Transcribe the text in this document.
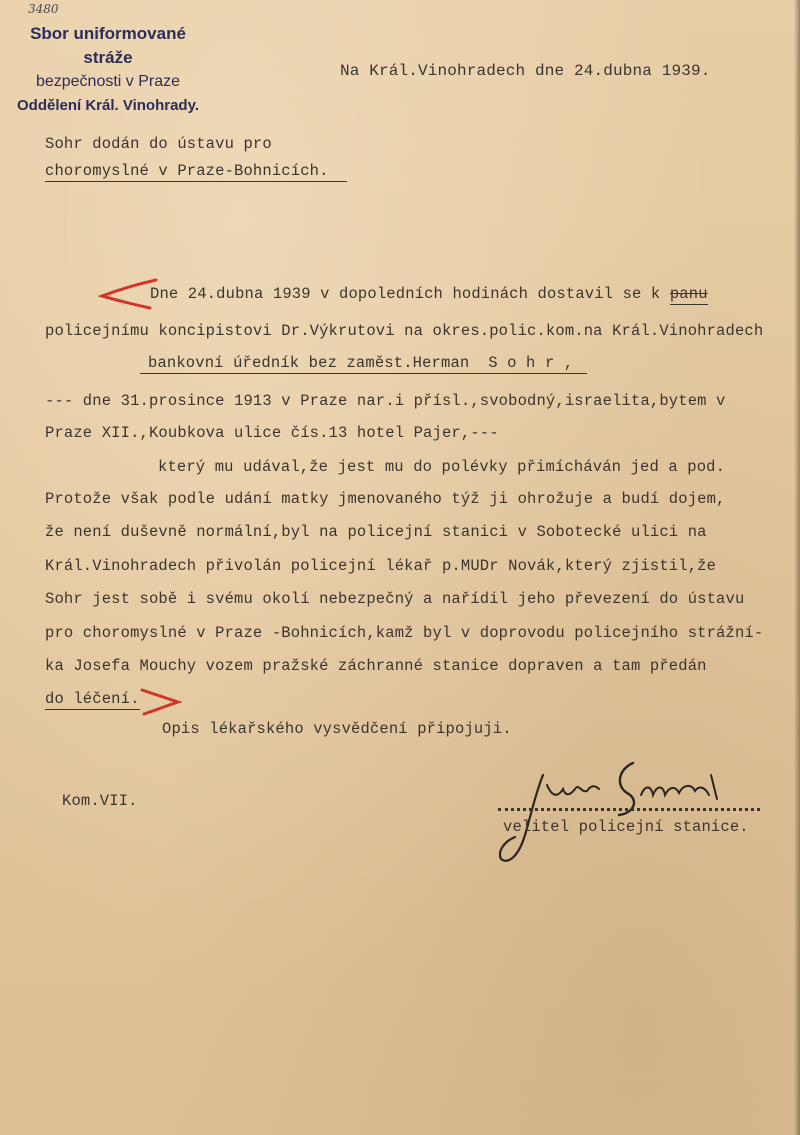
3480
Sbor uniformované stráže
bezpečnosti v Praze
Oddělení Král. Vinohrady.
Na Král.Vinohradech dne 24.dubna 1939.
Sohr dodán do ústavu pro
choromyslné v Praze-Bohnicích.
Dne 24.dubna 1939 v dopoledních hodinách dostavil se k panu
policejnímu koncipistovi Dr.Výkrutovi na okres.polic.kom.na Král.Vinohradech
bankovní úředník bez zaměst.Herman  S o h r ,
--- dne 31.prosince 1913 v Praze nar.i přísl.,svobodný,israelita,bytem v
Praze XII.,Koubkova ulice čís.13 hotel Pajer,---
který mu udával,že jest mu do polévky přimícháván jed a pod.
Protože však podle udání matky jmenovaného týž ji ohrožuje a budí dojem,
že není duševně normální,byl na policejní stanici v Sobotecké ulici na
Král.Vinohradech přivolán policejní lékař p.MUDr Novák,který zjistil,že
Sohr jest sobě i svému okolí nebezpečný a nařídil jeho převezení do ústavu
pro choromyslné v Praze -Bohnicích,kamž byl v doprovodu policejního strážní-
ka Josefa Mouchy vozem pražské záchranné stanice dopraven a tam předán
do léčení.
Opis lékařského vysvědčení připojuji.
Kom.VII.
velitel policejní stanice.
